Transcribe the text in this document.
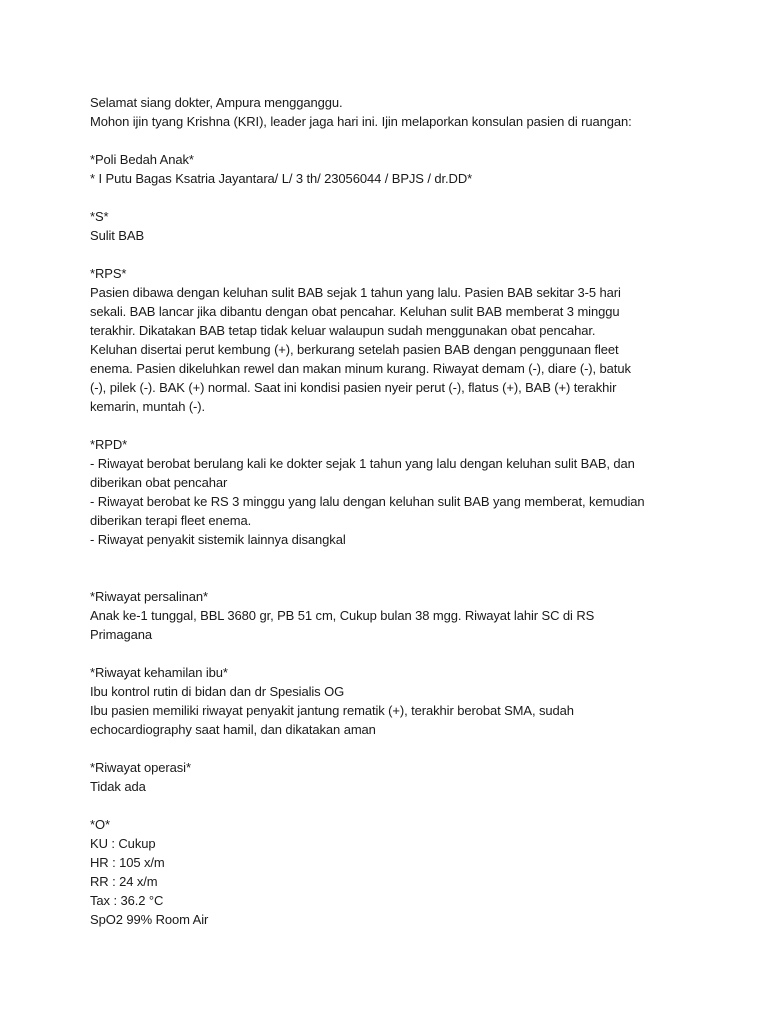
Selamat siang dokter, Ampura mengganggu.
Mohon ijin tyang Krishna (KRI), leader jaga hari ini. Ijin melaporkan konsulan pasien di ruangan:
*Poli Bedah Anak*
* I Putu Bagas Ksatria Jayantara/ L/ 3 th/ 23056044 / BPJS / dr.DD*
*S*
Sulit BAB
*RPS*
Pasien dibawa dengan keluhan sulit BAB sejak 1 tahun yang lalu. Pasien BAB sekitar 3-5 hari
sekali. BAB lancar jika dibantu dengan obat pencahar. Keluhan sulit BAB memberat 3 minggu
terakhir. Dikatakan BAB tetap tidak keluar walaupun sudah menggunakan obat pencahar.
Keluhan disertai perut kembung (+), berkurang setelah pasien BAB dengan penggunaan fleet
enema. Pasien dikeluhkan rewel dan makan minum kurang. Riwayat demam (-), diare (-), batuk
(-), pilek (-). BAK (+) normal. Saat ini kondisi pasien nyeir perut (-), flatus (+), BAB (+) terakhir
kemarin, muntah (-).
*RPD*
- Riwayat berobat berulang kali ke dokter sejak 1 tahun yang lalu dengan keluhan sulit BAB, dan
diberikan obat pencahar
- Riwayat berobat ke RS 3 minggu yang lalu dengan keluhan sulit BAB yang memberat, kemudian
diberikan terapi fleet enema.
- Riwayat penyakit sistemik lainnya disangkal
*Riwayat persalinan*
Anak ke-1 tunggal, BBL 3680 gr, PB 51 cm, Cukup bulan 38 mgg. Riwayat lahir SC di RS
Primagana
*Riwayat kehamilan ibu*
Ibu kontrol rutin di bidan dan dr Spesialis OG
Ibu pasien memiliki riwayat penyakit jantung rematik (+), terakhir berobat SMA, sudah
echocardiography saat hamil, dan dikatakan aman
*Riwayat operasi*
Tidak ada
*O*
KU : Cukup
HR : 105 x/m
RR : 24 x/m
Tax : 36.2 °C
SpO2 99% Room Air
